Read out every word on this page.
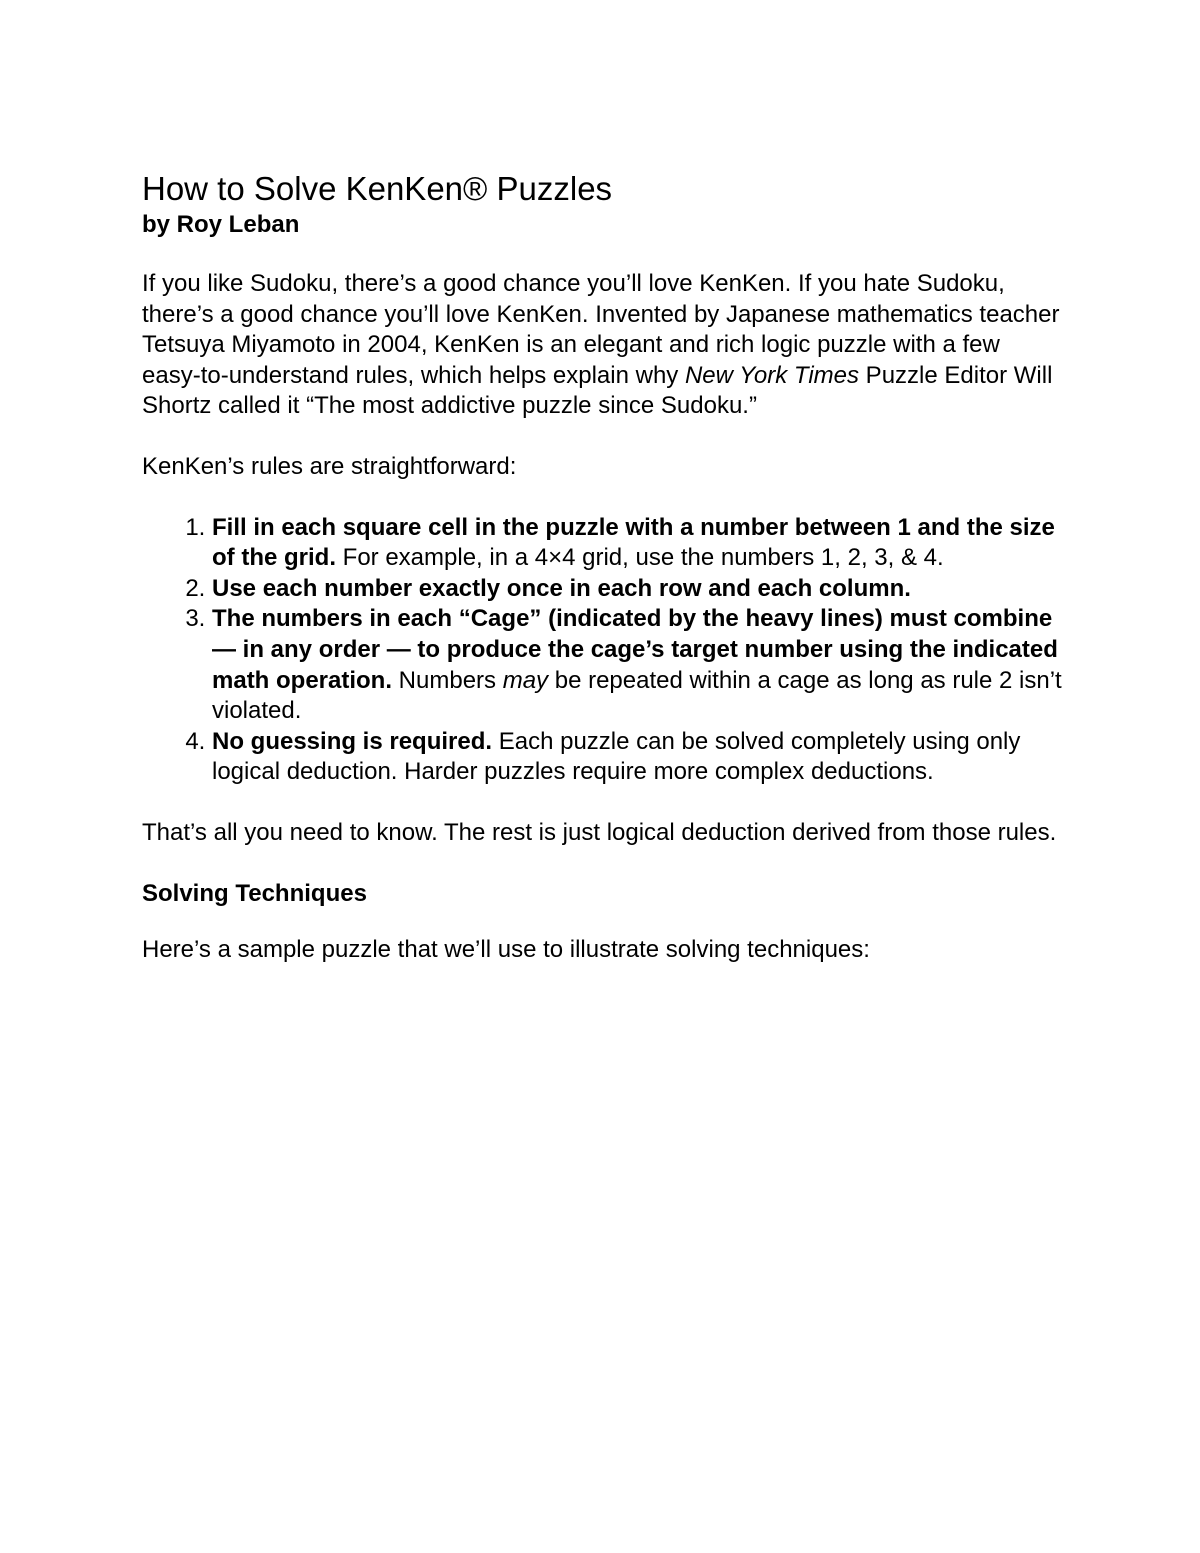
How to Solve KenKen® Puzzles
by Roy Leban

If you like Sudoku, there’s a good chance you’ll love KenKen. If you hate Sudoku, there’s a good chance you’ll love KenKen. Invented by Japanese mathematics teacher Tetsuya Miyamoto in 2004, KenKen is an elegant and rich logic puzzle with a few easy-to-understand rules, which helps explain why New York Times Puzzle Editor Will Shortz called it “The most addictive puzzle since Sudoku.”

KenKen’s rules are straightforward:

1. Fill in each square cell in the puzzle with a number between 1 and the size of the grid. For example, in a 4×4 grid, use the numbers 1, 2, 3, & 4.
2. Use each number exactly once in each row and each column.
3. The numbers in each “Cage” (indicated by the heavy lines) must combine — in any order — to produce the cage’s target number using the indicated math operation. Numbers may be repeated within a cage as long as rule 2 isn’t violated.
4. No guessing is required. Each puzzle can be solved completely using only logical deduction. Harder puzzles require more complex deductions.

That’s all you need to know. The rest is just logical deduction derived from those rules.

Solving Techniques

Here’s a sample puzzle that we’ll use to illustrate solving techniques:
